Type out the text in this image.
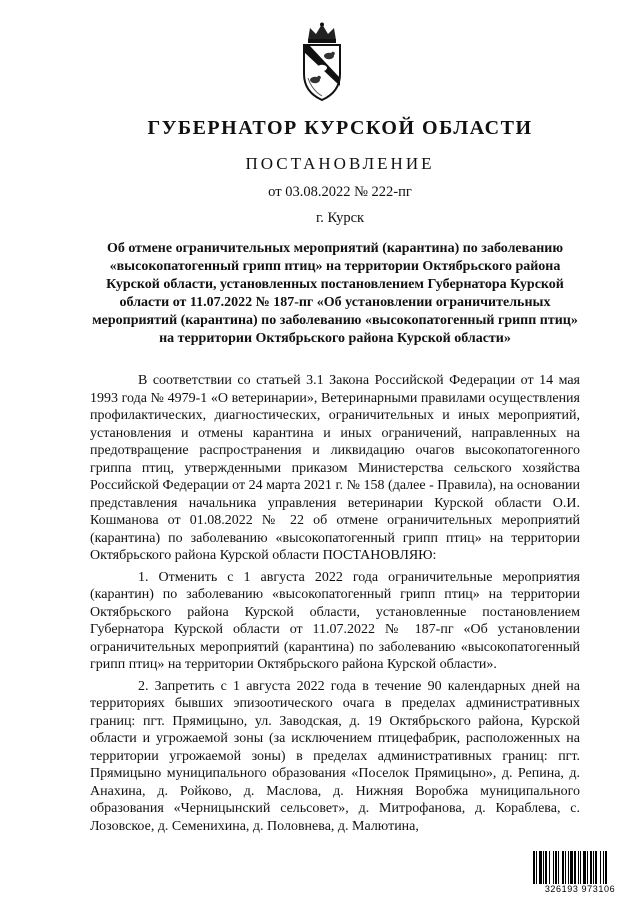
ГУБЕРНАТОР КУРСКОЙ ОБЛАСТИ
ПОСТАНОВЛЕНИЕ
от 03.08.2022 № 222-пг
г. Курск

Об отмене ограничительных мероприятий (карантина) по заболеванию «высокопатогенный грипп птиц» на территории Октябрьского района Курской области, установленных постановлением Губернатора Курской области от 11.07.2022 № 187-пг «Об установлении ограничительных мероприятий (карантина) по заболеванию «высокопатогенный грипп птиц» на территории Октябрьского района Курской области»

В соответствии со статьей 3.1 Закона Российской Федерации от 14 мая 1993 года № 4979-1 «О ветеринарии», Ветеринарными правилами осуществления профилактических, диагностических, ограничительных и иных мероприятий, установления и отмены карантина и иных ограничений, направленных на предотвращение распространения и ликвидацию очагов высокопатогенного гриппа птиц, утвержденными приказом Министерства сельского хозяйства Российской Федерации от 24 марта 2021 г. № 158 (далее - Правила), на основании представления начальника управления ветеринарии Курской области О.И. Кошманова от 01.08.2022 № 22 об отмене ограничительных мероприятий (карантина) по заболеванию «высокопатогенный грипп птиц» на территории Октябрьского района Курской области ПОСТАНОВЛЯЮ:

1. Отменить с 1 августа 2022 года ограничительные мероприятия (карантин) по заболеванию «высокопатогенный грипп птиц» на территории Октябрьского района Курской области, установленные постановлением Губернатора Курской области от 11.07.2022 № 187-пг «Об установлении ограничительных мероприятий (карантина) по заболеванию «высокопатогенный грипп птиц» на территории Октябрьского района Курской области».

2. Запретить с 1 августа 2022 года в течение 90 календарных дней на территориях бывших эпизоотического очага в пределах административных границ: пгт. Прямицыно, ул. Заводская, д. 19 Октябрьского района, Курской области и угрожаемой зоны (за исключением птицефабрик, расположенных на территории угрожаемой зоны) в пределах административных границ: пгт. Прямицыно муниципального образования «Поселок Прямицыно», д. Репина, д. Анахина, д. Ройково, д. Маслова, д. Нижняя Воробжа муниципального образования «Черницынский сельсовет», д. Митрофанова, д. Кораблева, с. Лозовское, д. Семенихина, д. Половнева, д. Малютина,

326193 973106
